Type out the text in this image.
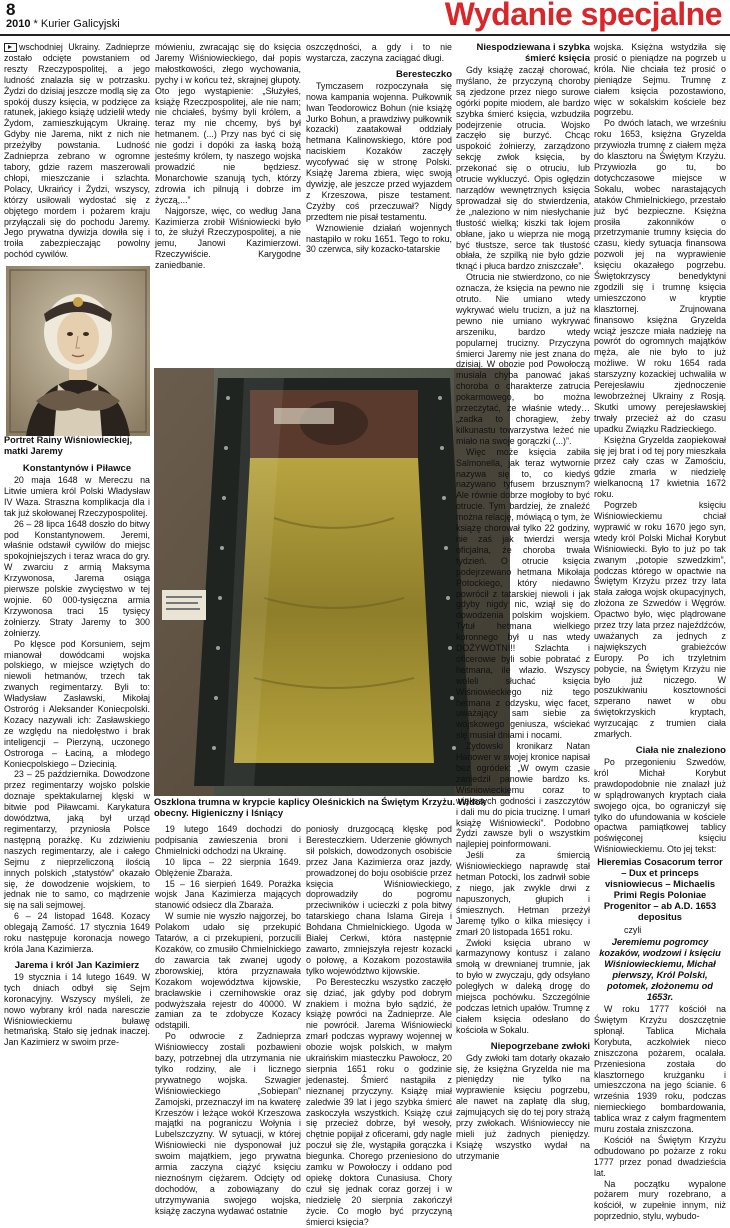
8
2010 * Kurier Galicyjski	Wydanie specjalne

wschodniej Ukrainy. Zadnieprze zostało odcięte powstaniem od reszty Rzeczypospolitej, a jego ludność znalazła się w potrzasku. Żydzi do dzisiaj jeszcze modlą się za spokój duszy księcia, w podzięce za ratunek, jakiego książę udzielił wtedy Żydom, zamieszkującym Ukrainę. Gdyby nie Jarema, nikt z nich nie przeżyłby powstania. Ludność Zadnieprza zebrano w ogromne tabory, gdzie razem maszerowali chłopi, mieszczanie i szlachta. Polacy, Ukraińcy i Żydzi, wszyscy, którzy usiłowali wydostać się z objętego mordem i pożarem kraju przyłączali się do pochodu Jaremy. Jego prywatna dywizja dowiła się i troiła zabezpieczając powolny pochód cywilów.

Portret Rainy Wiśniowieckiej, matki Jaremy
Konstantynów i Piławce

20 maja 1648 w Mereczu na Litwie umiera król Polski Władysław IV Waza. Straszna komplikacja dla i tak już skołowanej Rzeczypospolitej.

26 – 28 lipca 1648 doszło do bitwy pod Konstantynowem. Jeremi, właśnie odstawił cywilów do miejsc spokojniejszych i teraz wraca do gry. W zwarciu z armią Maksyma Krzywonosa, Jarema osiąga pierwsze polskie zwycięstwo w tej wojnie. 60 000-tysięczna armia Krzywonosa traci 15 tysięcy żołnierzy. Straty Jaremy to 300 żołnierzy.

Po klęsce pod Korsuniem, sejm mianował dowódcami wojska polskiego, w miejsce wziętych do niewoli hetmanów, trzech tak zwanych regimentarzy. Byli to: Władysław Zasławski, Mikołaj Ostroróg i Aleksander Koniecpolski. Kozacy nazywali ich: Zasławskiego ze względu na niedołęstwo i brak inteligencji – Pierzyną, uczonego Ostroroga – Łaciną, a młodego Koniecpolskiego – Dziecinią.

23 – 25 października. Dowodzone przez regimentarzy wojsko polskie doznaje spektakularnej klęski w bitwie pod Piławcami. Karykatura dowództwa, jaką był urząd regimentarzy, przyniosła Polsce następną porażkę. Ku zdziwieniu naszych regimentarzy, ale i całego Sejmu z nieprzeliczoną ilością innych polskich „statystów” okazało się, że dowodzenie wojskiem, to jednak nie to samo, co mądrzenie się na sali sejmowej.

6 – 24 listopad 1648. Kozacy oblegają Zamość. 17 stycznia 1649 roku następuje koronacja nowego króla Jana Kazimierza.

Jarema i król Jan Kazimierz

19 stycznia i 14 lutego 1649. W tych dniach odbył się Sejm koronacyjny. Wszyscy myśleli, że nowo wybrany król nada naresczie Wiśniowieckiemu buławę hetmańską. Stało się jednak inaczej. Jan Kazimierz w swoim prze-

mówieniu, zwracając się do księcia Jaremy Wiśniowieckiego, dał popis małostkowości, złego wychowania, pychy i w końcu też, skrajnej głupoty. Oto jego wystąpienie: „Służyłeś, książę Rzeczpospolitej, ale nie nam; nie chciałeś, byśmy byli królem, a teraz my nie chcemy, byś był hetmanem. (...) Przy nas być ci się nie godzi i dopóki za łaską bożą jesteśmy królem, ty naszego wojska prowadzić nie będziesz. Monarchowie szanują tych, którzy zdrowia ich pilnują i dobrze im życzą,...”

Najgorsze, więc, co według Jana Kazimierza zrobił Wiśniowiecki było to, że służył Rzeczypospolitej, a nie jemu, Janowi Kazimierzowi. Rzeczywiście. Karygodne zaniedbanie.

oszczędności, a gdy i to nie wystarcza, zaczyna zaciągać długi.

Beresteczko

Tymczasem rozpoczynała się nowa kampania wojenna. Pułkownik Iwan Teodorowicz Bohun (nie książę Jurko Bohun, a prawdziwy pułkownik kozacki) zaatakował oddziały hetmana Kalinowskiego, które pod naciskiem Kozaków zaczęły wycofywać się w stronę Polski. Książę Jarema zbiera, więc swoją dywizję, ale jeszcze przed wyjazdem z Krzeszowa, pisze testament. Czyżby coś przeczuwał? Nigdy przedtem nie pisał testamentu.

Wznowienie działań wojennych nastąpiło w roku 1651. Tego to roku, 30 czerwca, siły kozacko-tatarskie

Oszklona trumna w krypcie kaplicy Oleśnickich na Świętym Krzyżu. Widok obecny. Higieniczny i lśniący

19 lutego 1649 dochodzi do podpisania zawieszenia broni i Chmielnicki odchodzi na Ukrainę.

10 lipca – 22 sierpnia 1649. Oblężenie Zbaraża.

15 – 16 sierpień 1649. Porażka wojsk Jana Kazimierza mających stanowić odsiecz dla Zbaraża.

W sumie nie wyszło najgorzej, bo Polakom udało się przekupić Tatarów, a ci przekupieni, porzucili Kozaków, co zmusiło Chmielnickiego do zawarcia tak zwanej ugody zborowskiej, która przyznawała Kozakom województwa kijowskie, bracławskie i czernihowskie oraz podwyższała rejestr do 40000. W zamian za te zdobycze Kozacy odstąpili.

Po odwrocie z Zadnieprza Wiśniowieccy zostali pozbawieni bazy, potrzebnej dla utrzymania nie tylko rodziny, ale i licznego prywatnego wojska. Szwagier Wiśniowieckiego „Sobiepan” Zamojski, przeznaczył im na kwaterę Krzeszów i leżące wokół Krzeszowa majątki na pograniczu Wołynia i Lubelszczyzny. W sytuacji, w której Wiśniowiecki nie dysponował już swoim majątkiem, jego prywatna armia zaczyna ciążyć księciu nieznośnym ciężarem. Odcięty od dochodów, a zobowiązany do utrzymywania swojego wojska, książę zaczyna wydawać ostatnie

poniosły druzgocącą klęskę pod Beresteczkiem. Uderzenie głównych sił polskich, dowodzonych osobiście przez Jana Kazimierza oraz jazdy, prowadzonej do boju osobiście przez księcia Wiśniowieckiego, doprowadziły do pogromu przeciwników i ucieczki z pola bitwy tatarskiego chana Islama Gireja i Bohdana Chmielnickiego. Ugoda w Białej Cerkwi, która następnie zawarto, zmniejszyła rejestr kozacki o połowę, a Kozakom pozostawiła tylko województwo kijowskie.

Po Beresteczku wszystko zaczęło się dziać, jak gdyby pod dobrym znakiem i można było sądzić, że książę powróci na Zadnieprze. Ale nie powrócił. Jarema Wiśniowiecki zmarł podczas wyprawy wojennej w obozie wojsk polskich, w małym ukraińskim miasteczku Pawołocz, 20 sierpnia 1651 roku o godzinie jedenastej. Śmierć nastąpiła z nieznanej przyczyny. Książę miał zaledwie 39 lat i jego szybka śmierć zaskoczyła wszystkich. Książę czuł się przecież dobrze, był wesoły, chętnie popijał z oficerami, gdy nagle poczuł się źle, wystąpiła gorączka i biegunka. Choregο przeniesiono do zamku w Powołoczy i oddano pod opiekę doktora Cunasiusa. Chory czuł się jednak coraz gorzej i w niedzielę 20 sierpnia zakończył życie. Co mogło być przyczyną śmierci księcia?

Niespodziewana i szybka śmierć księcia

Gdy książę zaczął chorować, myślano, że przyczyną choroby są zjedzone przez niego surowe ogórki popite miodem, ale bardzo szybka śmierć księcia, wzbudziła podejrzenie otrucia. Wojsko zaczęło się burzyć. Chcąc uspokoić żołnierzy, zarządzono sekcję zwłok księcia, by przekonać się o otruciu, lub otrucie wykluczyć. Opis ogłędzin narządów wewnętrznych księcia sprowadzał się do stwierdzenia, że „naleziono w nim niesłychanie tłustość wielką; kiszki tak łojem obłane, jako u wieprza nie mogą być tłustsze, serce tak tłustość obłała, że szpilką nie było gdzie tknąć i płuca bardzo zniszczałe”.

Otrucia nie stwierdzono, co nie oznacza, że księcia na pewno nie otruto. Nie umiano wtedy wykrywać wielu trucizn, a już na pewno nie umiano wykrywać arszeniku, bardzo wtedy popularnej trucizny. Przyczyna śmierci Jaremy nie jest znana do dzisiaj. W obozie pod Powołoczą musiała chyba panować jakaś choroba o charakterze zatrucia pokarmowego, bo można przeczytać, że właśnie wtedy… „zadka to choragiew, żeby kilkunastu towarzystwa leżeć nie miało na swoje gorączki (...)”.

Więc może księcia zabiła Salmonella, jak teraz wytwornie nazywa się to, co kiedyś nazywano tyfusem brzusznym? Ale równie dobrze mogłoby to być otrucie. Tym bardziej, że znaleźć można relację, mówiącą o tym, że książę chorował tylko 22 godziny, nie zaś jak twierdzi wersja oficjalna, że choroba trwała tydzień. O otrucie księcia podejrzewano hetmana Mikołaja Potockiego, który niedawno powrócił z tatarskiej niewoli i jak gdyby nigdy nic, wziął się do dowodzenia polskim wojskiem. Tytuł hetmana wielkiego koronnego był u nas wtedy DOŻYWOTNI!! Szlachta i oficerowie byli sobie pobratać z hetmana, ile wlazło. Wszyscy woleli słuchać księcia Wiśniowieckiego niż tego hetmana z odzysku, więc facet, uważający sam siebie za wojskowego geniusza, wściekać się musiał dniami i nocami.

Zydowski kronikarz Natan Hanower w swojej kronice napisał bez ogródek: „W owym czasie zaniedził panowie bardzo ks. Wiśniowieckiemu coraz to większych godności i zaszczytów i dali mu do picia truciznę. I umarł książę Wiśniowiecki”. Podobno Żydzi zawsze byli o wszystkim najlepiej poinformowani.

Jeśli za śmiercią Wiśniowieckiego naprawdę stał hetman Potocki, los zadrwił sobie z niego, jak zwykle drwi z napuszonych, głupich i śmiesznych. Hetman przeżył Jaremę tylko o kilka miesięcy i zmarł 20 listopada 1651 roku.

Zwłoki księcia ubrano w karmazynowy kontusz i zalano smołą w drewnianej trumnie, jak to było w zwyczaju, gdy odsyłano poległych w daleką drogę do miejsca pochówku. Szczególnie podczas letnich upałów. Trumnę z ciałem księcia odesłano do kościoła w Sokalu.

Niepogrzebane zwłoki

Gdy zwłoki tam dotarły okazało się, że księżna Gryzelda nie ma pieniędzy nie tylko na wyprawienie księciu pogrzebu, ale nawet na zapłatę dla sług, zajmujących się do tej pory strażą przy zwłokach. Wiśniowieccy nie mieli już żadnych pieniędzy. Książę wszystko wydał na utrzymanie

wojska. Księżna wstydziła się prosić o pieniądze na pogrzeb u króla. Nie chciała też prosić o pieniądze Sejmu. Trumnę z ciałem księcia pozostawiono, więc w sokalskim kościele bez pogrzebu.

Po dwóch latach, we wrześniu roku 1653, księżna Gryzelda przywiozła trumnę z ciałem męża do klasztoru na Świętym Krzyżu. Przywiozła go tu, bo dotychczasowe miejsce w Sokalu, wobec narastających ataków Chmielnickiego, przestało już być bezpieczne. Księżna prosiła zakonników o przetrzymanie trumny księcia do czasu, kiedy sytuacja finansowa pozwoli jej na wyprawienie księciu okazałego pogrzebu. Świętokrzyscy benedyktyni zgodzili się i trumnę księcia umieszczono w kryptie klasztornej. Zrujnowana finansowo księżna Gryzelda wciąż jeszcze miała nadzieję na powrót do ogromnych majątków męża, ale nie było to już możliwe. W roku 1654 rada starszyzny kozackiej uchwaliła w Perejesławiu zjednoczenie lewobrzeżnej Ukrainy z Rosją. Skutki umowy perejesławskiej trwały przecież aż do czasu upadku Związku Radzieckiego.

Księżna Gryzelda zaopiekował się jej brat i od tej pory mieszkała przez cały czas w Zamościu, gdzie zmarła w niedzielę wielkanocną 17 kwietnia 1672 roku.

Pogrzeb księciu Wiśniowieckiemu chciał wyprawić w roku 1670 jego syn, wtedy król Polski Michał Korybut Wiśniowiecki. Było to już po tak zwanym „potopie szwedzkim”, podczas którego w opactwie na Świętym Krzyżu przez trzy lata stała załoga wojsk okupacyjnych, złożona ze Szwedów i Węgrów. Opactwo było, więc plądrowane przez trzy lata przez najeźdźców, uważanych za jednych z największych grabieżców Europy. Po ich trzyletnim pobycie, na Świętym Krzyżu nie było już niczego. W poszukiwaniu kosztowności szperano nawet w obu świętokrzyskich kryptach, wyrzucając z trumien ciała zmarłych.

Ciała nie znaleziono

Po przegonieniu Szwedów, król Michał Korybut prawdopodobnie nie znalazł już w splądrowanych kryptach ciała swojego ojca, bo ograniczył się tylko do ufundowania w kościele opactwa pamiątkowej tablicy poświęconej księciu Wiśniowieckiemu. Oto jej tekst:

Hieremias Cosacorum terror – Dux et princeps visniowiecus – Michaelis Primi Regis Poloniae Progenitor – ab A.D. 1653 depositus

czyli

Jeremiemu pogromcy kozaków, wodzowi i księciu Wiśniowieckiemu, Michał pierwszy, Król Polski, potomek, złożonemu od 1653r.

W roku 1777 kościół na Świętym Krzyżu doszczętnie spłonął. Tablica Michała Korybuta, aczkolwiek nieco zniszczona pożarem, ocalała. Przeniesiona została do klasztornego krużganku i umieszczona na jego ścianie. 6 września 1939 roku, podczas niemieckiego bombardowania, tablica wraz z całym fragmentem muru została zniszczona.

Kościół na Świętym Krzyżu odbudowano po pożarze z roku 1777 przez ponad dwadzieścia lat.

Na początku wypalone pożarem mury rozebrano, a kościół, w zupełnie innym, niż poprzednio, stylu, wybudo-
